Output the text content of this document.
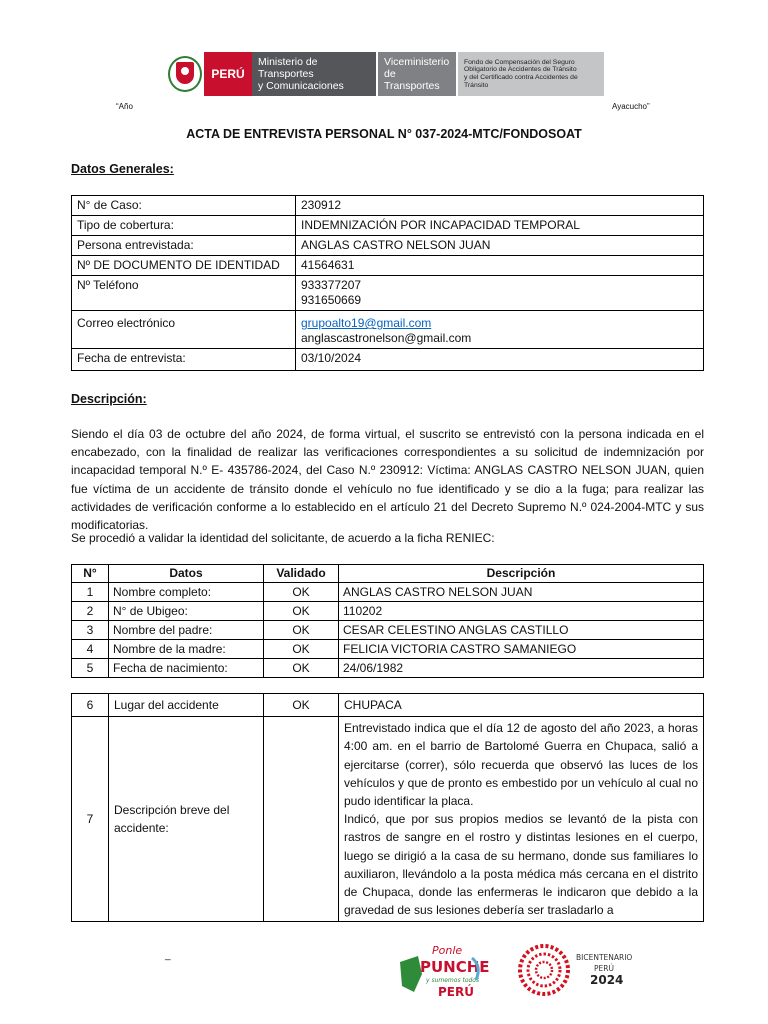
PERÚ
Ministerio de Transportes
y Comunicaciones
Viceministerio
de Transportes
Fondo de Compensación del Seguro
Obligatorio de Accidentes de Tránsito
y del Certificado contra Accidentes de
Tránsito
“Año	Ayacucho”
ACTA DE ENTREVISTA PERSONAL N° 037-2024-MTC/FONDOSOAT
Datos Generales:
N° de Caso:	230912
Tipo de cobertura:	INDEMNIZACIÓN POR INCAPACIDAD TEMPORAL
Persona entrevistada:	ANGLAS CASTRO NELSON JUAN
Nº DE DOCUMENTO DE IDENTIDAD	41564631
Nº Teléfono	933377207
931650669

Correo electrónico	grupoalto19@gmail.com
anglascastronelson@gmail.com

Fecha de entrevista:	03/10/2024
Descripción:
Siendo el día 03 de octubre del año 2024, de forma virtual, el suscrito se entrevistó con la persona indicada en el encabezado, con la finalidad de realizar las verificaciones correspondientes a su solicitud de indemnización por incapacidad temporal N.º E- 435786-2024, del Caso N.º 230912: Víctima: ANGLAS CASTRO NELSON JUAN, quien fue víctima de un accidente de tránsito donde el vehículo no fue identificado y se dio a la fuga; para realizar las actividades de verificación conforme a lo establecido en el artículo 21 del Decreto Supremo N.º 024-2004-MTC y sus modificatorias.
Se procedió a validar la identidad del solicitante, de acuerdo a la ficha RENIEC:
N°	Datos	Validado	Descripción
1	Nombre completo:	OK	ANGLAS CASTRO NELSON JUAN
2	N° de Ubigeo:	OK	110202
3	Nombre del padre:	OK	CESAR CELESTINO ANGLAS CASTILLO
4	Nombre de la madre:	OK	FELICIA VICTORIA CASTRO SAMANIEGO
5	Fecha de nacimiento:	OK	24/06/1982
6	Lugar del accidente	OK	CHUPACA
7	Descripción breve del accidente:		Entrevistado indica que el día 12 de agosto del año 2023, a horas 4:00 am. en el barrio de Bartolomé Guerra en Chupaca, salió a ejercitarse (correr), sólo recuerda que observó las luces de los vehículos y que de pronto es embestido por un vehículo al cual no pudo identificar la placa.
Indicó, que por sus propios medios se levantó de la pista con rastros de sangre en el rostro y distintas lesiones en el cuerpo, luego se dirigió a la casa de su hermano, donde sus familiares lo auxiliaron, llevándolo a la posta médica más cercana en el distrito de Chupaca, donde las enfermeras le indicaron que debido a la gravedad de sus lesiones debería ser trasladarlo a
_	Ponle
PUNCHE
y sumemos todos
PERÚ
BICENTENARIO
PERÚ
2024
